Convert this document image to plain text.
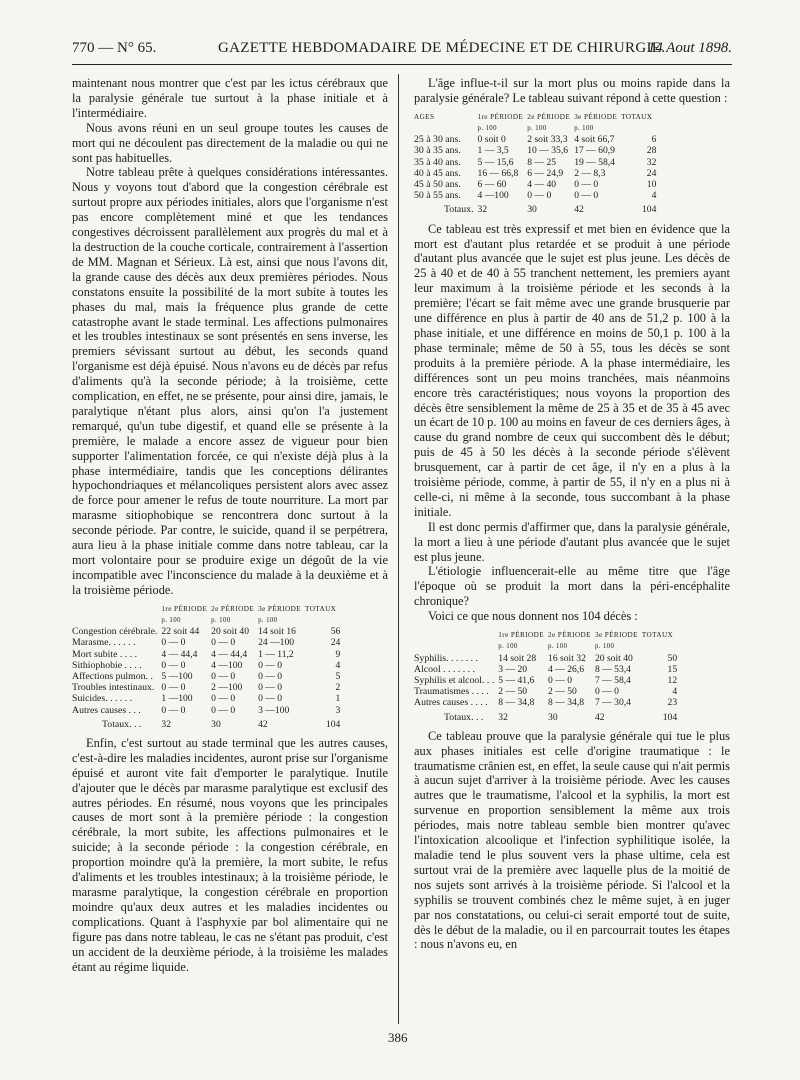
770 — N° 65.	GAZETTE HEBDOMADAIRE DE MÉDECINE ET DE CHIRURGIE.
14 Aout 1898.

maintenant nous montrer que c'est par les ictus cérébraux que la paralysie générale tue surtout à la phase initiale et à l'intermédiaire.

Nous avons réuni en un seul groupe toutes les causes de mort qui ne découlent pas directement de la maladie ou qui ne sont pas habituelles.

Notre tableau prête à quelques considérations intéressantes. Nous y voyons tout d'abord que la congestion cérébrale est surtout propre aux périodes initiales, alors que l'organisme n'est pas encore complètement miné et que les tendances congestives décroissent parallèlement aux progrès du mal et à la destruction de la couche corticale, contrairement à l'assertion de MM. Magnan et Sérieux. Là est, ainsi que nous l'avons dit, la grande cause des décès aux deux premières périodes. Nous constatons ensuite la possibilité de la mort subite à toutes les phases du mal, mais la fréquence plus grande de cette catastrophe avant le stade terminal. Les affections pulmonaires et les troubles intestinaux se sont présentés en sens inverse, les premiers sévissant surtout au début, les seconds quand l'organisme est déjà épuisé. Nous n'avons eu de décès par refus d'aliments qu'à la seconde période; à la troisième, cette complication, en effet, ne se présente, pour ainsi dire, jamais, le paralytique n'étant plus alors, ainsi qu'on l'a justement remarqué, qu'un tube digestif, et quand elle se présente à la première, le malade a encore assez de vigueur pour bien supporter l'alimentation forcée, ce qui n'existe déjà plus à la phase intermédiaire, tandis que les conceptions délirantes hypochondriaques et mélancoliques persistent alors avec assez de force pour amener le refus de toute nourriture. La mort par marasme sitiophobique se rencontrera donc surtout à la seconde période. Par contre, le suicide, quand il se perpétrera, aura lieu à la phase initiale comme dans notre tableau, car la mort volontaire pour se produire exige un dégoût de la vie incompatible avec l'inconscience du malade à la deuxième et à la troisième période.

	1re PÉRIODE	2e PÉRIODE	3e PÉRIODE	TOTAUX
	p. 100	p. 100	p. 100	
Congestion cérébrale.	22 soit 44	20 soit 40	14 soit 16	56
Marasme. . . . . .	0 — 0	0 — 0	24 —100	24
Mort subite . . . .	4 — 44,4	4 — 44,4	1 — 11,2	9
Sithiophobie . . . .	0 — 0	4 —100	0 — 0	4
Affections pulmon. .	5 —100	0 — 0	0 — 0	5
Troubles intestinaux.	0 — 0	2 —100	0 — 0	2
Suicides. . . . . .	1 —100	0 — 0	0 — 0	1
Autres causes . . .	0 — 0	0 — 0	3 —100	3
Totaux. . .	32	30	42	104

Enfin, c'est surtout au stade terminal que les autres causes, c'est-à-dire les maladies incidentes, auront prise sur l'organisme épuisé et auront vite fait d'emporter le paralytique. Inutile d'ajouter que le décès par marasme paralytique est exclusif des autres périodes. En résumé, nous voyons que les principales causes de mort sont à la première période : la congestion cérébrale, la mort subite, les affections pulmonaires et le suicide; à la seconde période : la congestion cérébrale, en proportion moindre qu'à la première, la mort subite, le refus d'aliments et les troubles intestinaux; à la troisième période, le marasme paralytique, la congestion cérébrale en proportion moindre qu'aux deux autres et les maladies incidentes ou complications. Quant à l'asphyxie par bol alimentaire qui ne figure pas dans notre tableau, le cas ne s'étant pas produit, c'est un accident de la deuxième période, à la troisième les malades étant au régime liquide.

L'âge influe-t-il sur la mort plus ou moins rapide dans la paralysie générale? Le tableau suivant répond à cette question :

AGES	1re PÉRIODE	2e PÉRIODE	3e PÉRIODE	TOTAUX
	p. 100	p. 100	p. 100	
25 à 30 ans.	0 soit 0	2 soit 33,3	4 soit 66,7	6
30 à 35 ans.	1 — 3,5	10 — 35,6	17 — 60,9	28
35 à 40 ans.	5 — 15,6	8 — 25	19 — 58,4	32
40 à 45 ans.	16 — 66,8	6 — 24,9	2 — 8,3	24
45 à 50 ans.	6 — 60	4 — 40	0 — 0	10
50 à 55 ans.	4 —100	0 — 0	0 — 0	4
Totaux.	32	30	42	104

Ce tableau est très expressif et met bien en évidence que la mort est d'autant plus retardée et se produit à une période d'autant plus avancée que le sujet est plus jeune. Les décès de 25 à 40 et de 40 à 55 tranchent nettement, les premiers ayant leur maximum à la troisième période et les seconds à la première; l'écart se fait même avec une grande brusquerie par une différence en plus à partir de 40 ans de 51,2 p. 100 à la phase initiale, et une différence en moins de 50,1 p. 100 à la phase terminale; même de 50 à 55, tous les décès se sont produits à la première période. A la phase intermédiaire, les différences sont un peu moins tranchées, mais néanmoins encore très caractéristiques; nous voyons la proportion des décès être sensiblement la même de 25 à 35 et de 35 à 45 avec un écart de 10 p. 100 au moins en faveur de ces derniers âges, à cause du grand nombre de ceux qui succombent dès le début; puis de 45 à 50 les décès à la seconde période s'élèvent brusquement, car à partir de cet âge, il n'y en a plus à la troisième période, comme, à partir de 55, il n'y en a plus ni à celle-ci, ni même à la seconde, tous succombant à la phase initiale.

Il est donc permis d'affirmer que, dans la paralysie générale, la mort a lieu à une période d'autant plus avancée que le sujet est plus jeune.

L'étiologie influencerait-elle au même titre que l'âge l'époque où se produit la mort dans la péri-encéphalite chronique?

Voici ce que nous donnent nos 104 décès :

	1re PÉRIODE	2e PÉRIODE	3e PÉRIODE	TOTAUX
	p. 100	p. 100	p. 100	
Syphilis. . . . . . .	14 soit 28	16 soit 32	20 soit 40	50
Alcool . . . . . . .	3 — 20	4 — 26,6	8 — 53,4	15
Syphilis et alcool. . .	5 — 41,6	0 — 0	7 — 58,4	12
Traumatismes . . . .	2 — 50	2 — 50	0 — 0	4
Autres causes . . . .	8 — 34,8	8 — 34,8	7 — 30,4	23
Totaux. . .	32	30	42	104

Ce tableau prouve que la paralysie générale qui tue le plus aux phases initiales est celle d'origine traumatique : le traumatisme crânien est, en effet, la seule cause qui n'ait permis à aucun sujet d'arriver à la troisième période. Avec les causes autres que le traumatisme, l'alcool et la syphilis, la mort est survenue en proportion sensiblement la même aux trois périodes, mais notre tableau semble bien montrer qu'avec l'intoxication alcoolique et l'infection syphilitique isolée, la maladie tend le plus souvent vers la phase ultime, cela est surtout vrai de la première avec laquelle plus de la moitié de nos sujets sont arrivés à la troisième période. Si l'alcool et la syphilis se trouvent combinés chez le même sujet, à en juger par nos constatations, ou celui-ci serait emporté tout de suite, dès le début de la maladie, ou il en parcourrait toutes les étapes : nous n'avons eu, en

386
